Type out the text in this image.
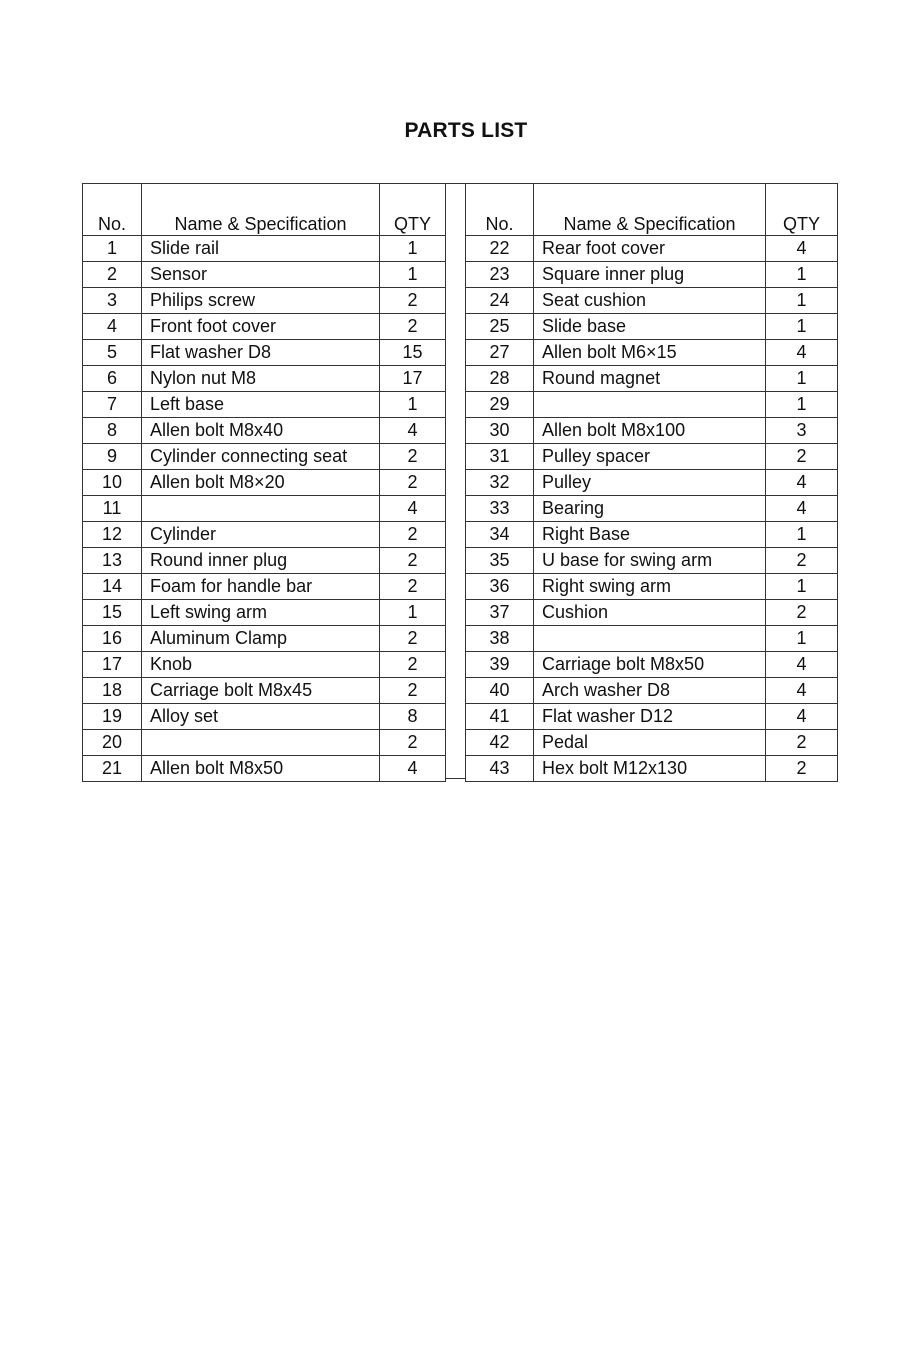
PARTS LIST
No.	Name & Specification	QTY
1	Slide rail	1
2	Sensor	1
3	Philips screw	2
4	Front foot cover	2
5	Flat washer D8	15
6	Nylon nut M8	17
7	Left base	1
8	Allen bolt M8x40	4
9	Cylinder connecting seat	2
10	Allen bolt M8×20	2
11		4
12	Cylinder	2
13	Round inner plug	2
14	Foam for handle bar	2
15	Left swing arm	1
16	Aluminum Clamp	2
17	Knob	2
18	Carriage bolt M8x45	2
19	Alloy set	8
20		2
21	Allen bolt M8x50	4
No.	Name & Specification	QTY
22	Rear foot cover	4
23	Square inner plug	1
24	Seat cushion	1
25	Slide base	1
27	Allen bolt M6×15	4
28	Round magnet	1
29		1
30	Allen bolt M8x100	3
31	Pulley spacer	2
32	Pulley	4
33	Bearing	4
34	Right Base	1
35	U base for swing arm	2
36	Right swing arm	1
37	Cushion	2
38		1
39	Carriage bolt M8x50	4
40	Arch washer D8	4
41	Flat washer D12	4
42	Pedal	2
43	Hex bolt M12x130	2
